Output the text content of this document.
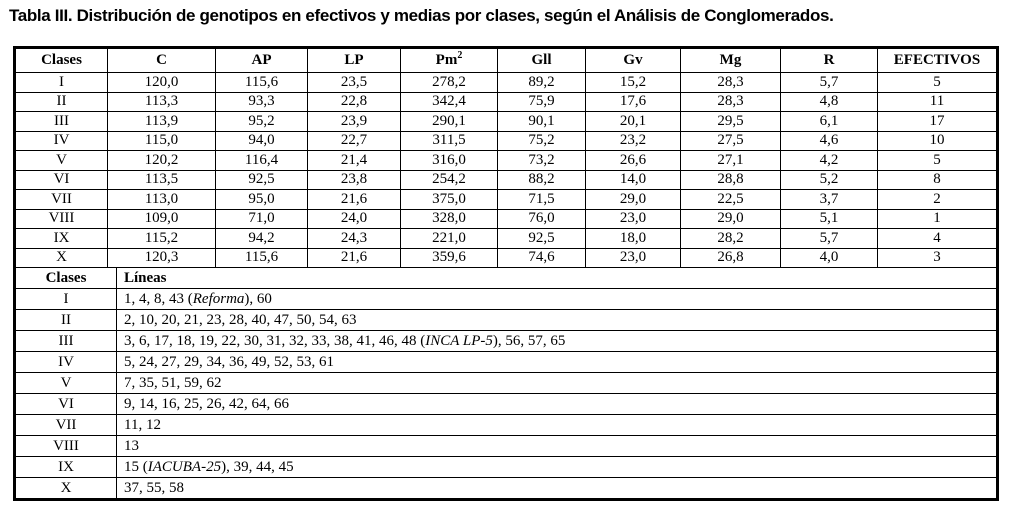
Tabla III. Distribución de genotipos en efectivos y medias por clases, según el Análisis de Conglomerados.
Clases	C	AP	LP	Pm$^2$	Gll	Gv	Mg	R	EFECTIVOS
I	120,0	115,6	23,5	278,2	89,2	15,2	28,3	5,7	5
II	113,3	93,3	22,8	342,4	75,9	17,6	28,3	4,8	11
III	113,9	95,2	23,9	290,1	90,1	20,1	29,5	6,1	17
IV	115,0	94,0	22,7	311,5	75,2	23,2	27,5	4,6	10
V	120,2	116,4	21,4	316,0	73,2	26,6	27,1	4,2	5
VI	113,5	92,5	23,8	254,2	88,2	14,0	28,8	5,2	8
VII	113,0	95,0	21,6	375,0	71,5	29,0	22,5	3,7	2
VIII	109,0	71,0	24,0	328,0	76,0	23,0	29,0	5,1	1
IX	115,2	94,2	24,3	221,0	92,5	18,0	28,2	5,7	4
X	120,3	115,6	21,6	359,6	74,6	23,0	26,8	4,0	3
Clases	Líneas
I	1, 4, 8, 43 (Reforma), 60
II	2, 10, 20, 21, 23, 28, 40, 47, 50, 54, 63
III	3, 6, 17, 18, 19, 22, 30, 31, 32, 33, 38, 41, 46, 48 (INCA LP-5), 56, 57, 65
IV	5, 24, 27, 29, 34, 36, 49, 52, 53, 61
V	7, 35, 51, 59, 62
VI	9, 14, 16, 25, 26, 42, 64, 66
VII	11, 12
VIII	13
IX	15 (IACUBA-25), 39, 44, 45
X	37, 55, 58
